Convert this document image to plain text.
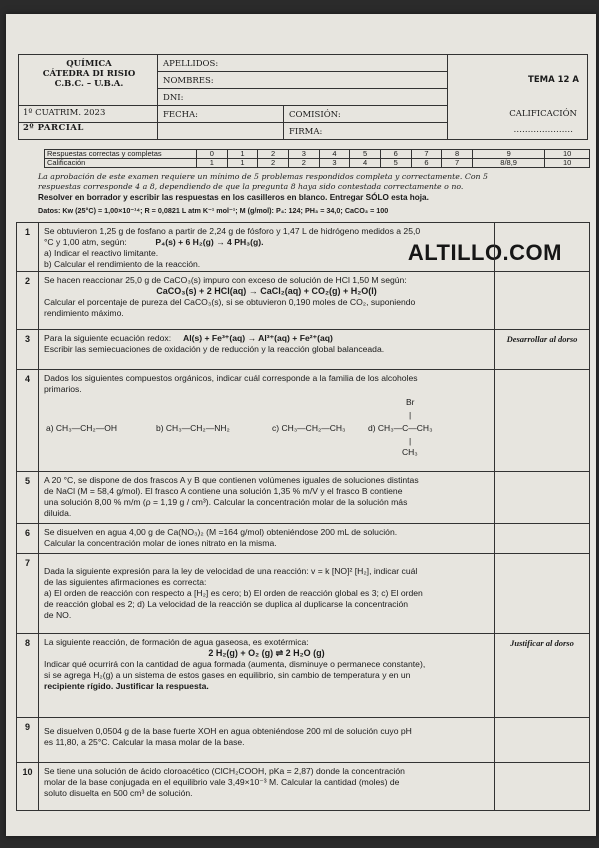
QUÍMICA
CÁTEDRA DI RISIO
C.B.C. – U.B.A.
1º CUATRIM. 2023
2º PARCIAL
APELLIDOS:
NOMBRES:
DNI:
COMISIÓN:
FECHA:
FIRMA:
TEMA 12 A
CALIFICACIÓN
…………………
Respuestas correctas y completas	0	1	2	3	4	5	6	7	8	9	10
Calificación	1	1	2	2	3	4	5	6	7	8/8,9	10
La aprobación de este examen requiere un mínimo de 5 problemas respondidos completa y correctamente. Con 5
respuestas corresponde 4 a 8, dependiendo de que la pregunta 8 haya sido contestada correctamente o no.
Resolver en borrador y escribir las respuestas en los casilleros en blanco. Entregar SÓLO esta hoja.
Datos: Kw (25°C) = 1,00×10⁻¹⁴; R = 0,0821 L atm K⁻¹ mol⁻¹; M (g/mol): P₄: 124; PH₃ = 34,0; CaCO₃ = 100
ALTILLO.COM
1	Se obtuvieron 1,25 g de fosfano a partir de 2,24 g de fósforo y 1,47 L de hidrógeno medidos a 25,0
°C y 1,00 atm, según:	P₄(s) + 6 H₂(g) → 4 PH₃(g).
a) Indicar el reactivo limitante.
b) Calcular el rendimiento de la reacción.
2	Se hacen reaccionar 25,0 g de CaCO₃(s) impuro con exceso de solución de HCl 1,50 M según:
CaCO₃(s) + 2 HCl(aq) → CaCl₂(aq) + CO₂(g) + H₂O(l)
Calcular el porcentaje de pureza del CaCO₃(s), si se obtuvieron 0,190 moles de CO₂, suponiendo
rendimiento máximo.
3	Para la siguiente ecuación redox: Al(s) + Fe³⁺(aq) → Al³⁺(aq) + Fe²⁺(aq)
Escribir las semiecuaciones de oxidación y de reducción y la reacción global balanceada.
Desarrollar al dorso
4	Dados los siguientes compuestos orgánicos, indicar cuál corresponde a la familia de los alcoholes
primarios.
a) CH₃—CH₂—OH	b) CH₃—CH₂—NH₂	c) CH₃—CH₂—CH₃	d) CH₃—C—CH₃
Br
|
|
CH₃
5	A 20 °C, se dispone de dos frascos A y B que contienen volúmenes iguales de soluciones distintas
de NaCl (M = 58,4 g/mol). El frasco A contiene una solución 1,35 % m/V y el frasco B contiene
una solución 8,00 % m/m (ρ = 1,19 g / cm³). Calcular la concentración molar de la solución más
diluida.
6	Se disuelven en agua 4,00 g de Ca(NO₃)₂ (M =164 g/mol) obteniéndose 200 mL de solución.
Calcular la concentración molar de iones nitrato en la misma.
7
Dada la siguiente expresión para la ley de velocidad de una reacción: v = k [NO]² [H₂], indicar cuál
de las siguientes afirmaciones es correcta:
a) El orden de reacción con respecto a [H₂] es cero; b) El orden de reacción global es 3; c) El orden
de reacción global es 2; d) La velocidad de la reacción se duplica al duplicarse la concentración
de NO.
8	La siguiente reacción, de formación de agua gaseosa, es exotérmica:
2 H₂(g) + O₂ (g) ⇌ 2 H₂O (g)
Indicar qué ocurrirá con la cantidad de agua formada (aumenta, disminuye o permanece constante),
si se agrega H₂(g) a un sistema de estos gases en equilibrio, sin cambio de temperatura y en un
recipiente rígido. Justificar la respuesta.
Justificar al dorso
9	Se disuelven 0,0504 g de la base fuerte XOH en agua obteniéndose 200 ml de solución cuyo pH
es 11,80, a 25°C. Calcular la masa molar de la base.
10	Se tiene una solución de ácido cloroacético (ClCH₂COOH, pKa = 2,87) donde la concentración
molar de la base conjugada en el equilibrio vale 3,49×10⁻³ M. Calcular la cantidad (moles) de
soluto disuelta en 500 cm³ de solución.
